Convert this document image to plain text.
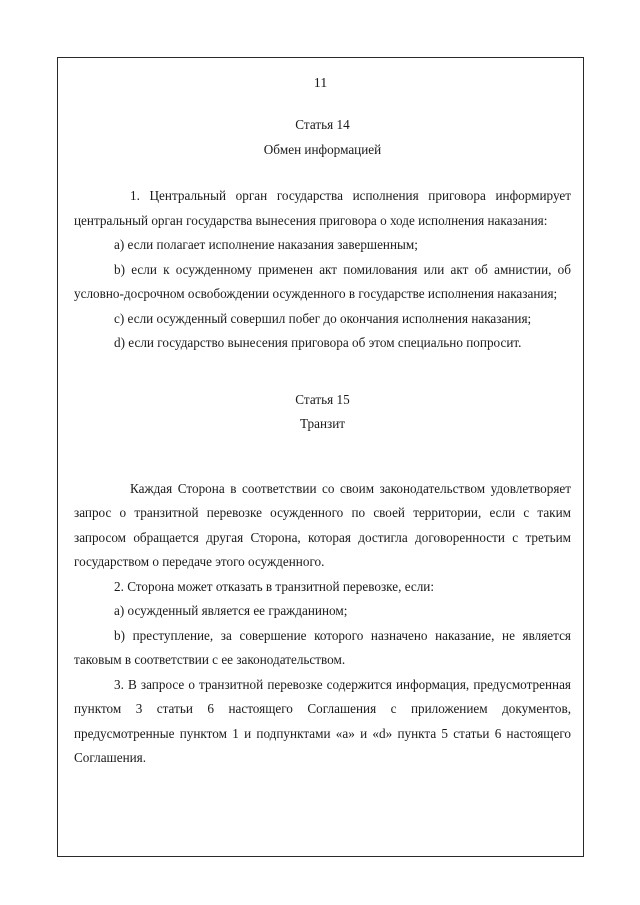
11

Статья 14

Обмен информацией

1. Центральный орган государства исполнения приговора информирует центральный орган государства вынесения приговора о ходе исполнения наказания:

a) если полагает исполнение наказания завершенным;

b) если к осужденному применен акт помилования или акт об амнистии, об условно-досрочном освобождении осужденного в государстве исполнения наказания;

c) если осужденный совершил побег до окончания исполнения наказания;

d) если государство вынесения приговора об этом специально попросит.

Статья 15

Транзит

Каждая Сторона в соответствии со своим законодательством удовлетворяет запрос о транзитной перевозке осужденного по своей территории, если с таким запросом обращается другая Сторона, которая достигла договоренности с третьим государством о передаче этого осужденного.

2. Сторона может отказать в транзитной перевозке, если:

a) осужденный является ее гражданином;

b) преступление, за совершение которого назначено наказание, не является таковым в соответствии с ее законодательством.

3. В запросе о транзитной перевозке содержится информация, предусмотренная пунктом 3 статьи 6 настоящего Соглашения с приложением документов, предусмотренные пунктом 1 и подпунктами «a» и «d» пункта 5 статьи 6 настоящего Соглашения.
